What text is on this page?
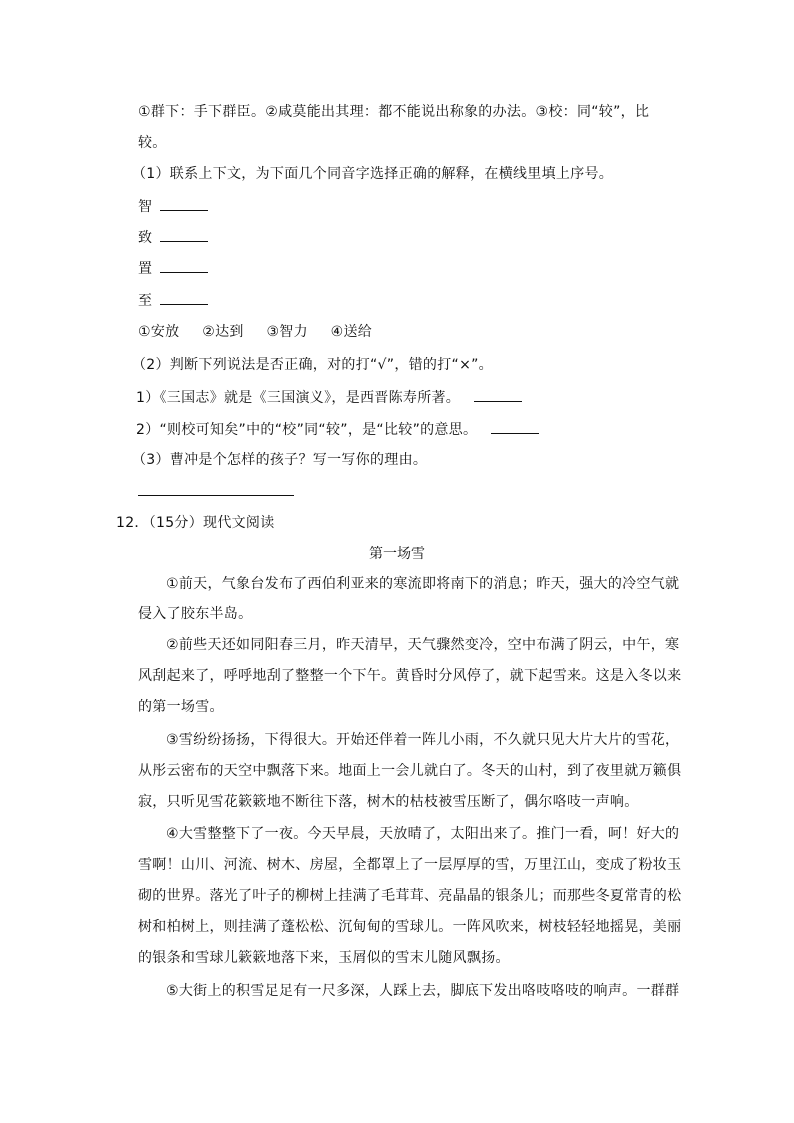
①群下：手下群臣。②咸莫能出其理：都不能说出称象的办法。③校：同“较”，比
较。
（1）联系上下文，为下面几个同音字选择正确的解释，在横线里填上序号。
智
致
置
至
①安放 ②达到 ③智力 ④送给
（2）判断下列说法是否正确，对的打“√”，错的打“×”。
1）《三国志》就是《三国演义》，是西晋陈寿所著。
2）“则校可知矣”中的“校”同“较”，是“比较”的意思。
（3）曹冲是个怎样的孩子？写一写你的理由。
12．（15分）现代文阅读
第一场雪
①前天，气象台发布了西伯利亚来的寒流即将南下的消息；昨天，强大的冷空气就
侵入了胶东半岛。
②前些天还如同阳春三月，昨天清早，天气骤然变冷，空中布满了阴云，中午，寒
风刮起来了，呼呼地刮了整整一个下午。黄昏时分风停了，就下起雪来。这是入冬以来
的第一场雪。
③雪纷纷扬扬，下得很大。开始还伴着一阵儿小雨，不久就只见大片大片的雪花，
从彤云密布的天空中飘落下来。地面上一会儿就白了。冬天的山村，到了夜里就万籁俱
寂，只听见雪花簌簌地不断往下落，树木的枯枝被雪压断了，偶尔咯吱一声响。
④大雪整整下了一夜。今天早晨，天放晴了，太阳出来了。推门一看，呵！好大的
雪啊！山川、河流、树木、房屋，全都罩上了一层厚厚的雪，万里江山，变成了粉妆玉
砌的世界。落光了叶子的柳树上挂满了毛茸茸、亮晶晶的银条儿；而那些冬夏常青的松
树和柏树上，则挂满了蓬松松、沉甸甸的雪球儿。一阵风吹来，树枝轻轻地摇晃，美丽
的银条和雪球儿簌簌地落下来，玉屑似的雪末儿随风飘扬。
⑤大街上的积雪足足有一尺多深，人踩上去，脚底下发出咯吱咯吱的响声。一群群
